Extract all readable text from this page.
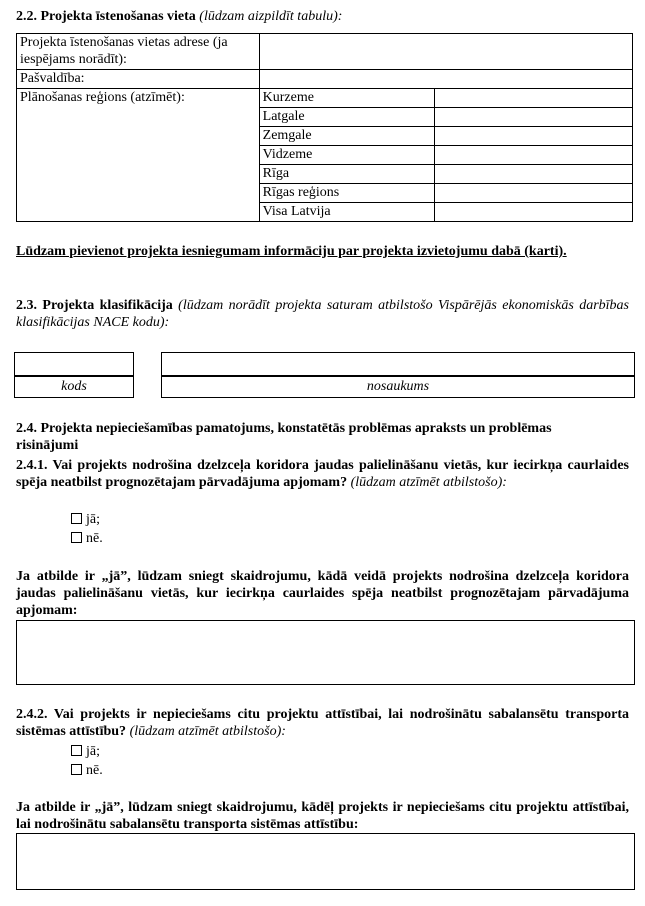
2.2. Projekta īstenošanas vieta (lūdzam aizpildīt tabulu):
Projekta īstenošanas vietas adrese (ja iespējams norādīt):		
Pašvaldība:		
Plānošanas reģions (atzīmēt):	Kurzeme	
	Latgale	
	Zemgale	
	Vidzeme	
	Rīga	
	Rīgas reģions	
	Visa Latvija	
Lūdzam pievienot projekta iesniegumam informāciju par projekta izvietojumu dabā (karti).
2.3. Projekta klasifikācija (lūdzam norādīt projekta saturam atbilstošo Vispārējās ekonomiskās darbības klasifikācijas NACE kodu):
kods	nosaukums
2.4. Projekta nepieciešamības pamatojums, konstatētās problēmas apraksts un problēmas risinājumi
2.4.1. Vai projekts nodrošina dzelzceļa koridora jaudas palielināšanu vietās, kur iecirkņa caurlaides spēja neatbilst prognozētajam pārvadājuma apjomam? (lūdzam atzīmēt atbilstošo):
jā;
nē.
Ja atbilde ir „jā”, lūdzam sniegt skaidrojumu, kādā veidā projekts nodrošina dzelzceļa koridora jaudas palielināšanu vietās, kur iecirkņa caurlaides spēja neatbilst prognozētajam pārvadājuma apjomam:
2.4.2. Vai projekts ir nepieciešams citu projektu attīstībai, lai nodrošinātu sabalansētu transporta sistēmas attīstību? (lūdzam atzīmēt atbilstošo):
jā;
nē.
Ja atbilde ir „jā”, lūdzam sniegt skaidrojumu, kādēļ projekts ir nepieciešams citu projektu attīstībai, lai nodrošinātu sabalansētu transporta sistēmas attīstību:
